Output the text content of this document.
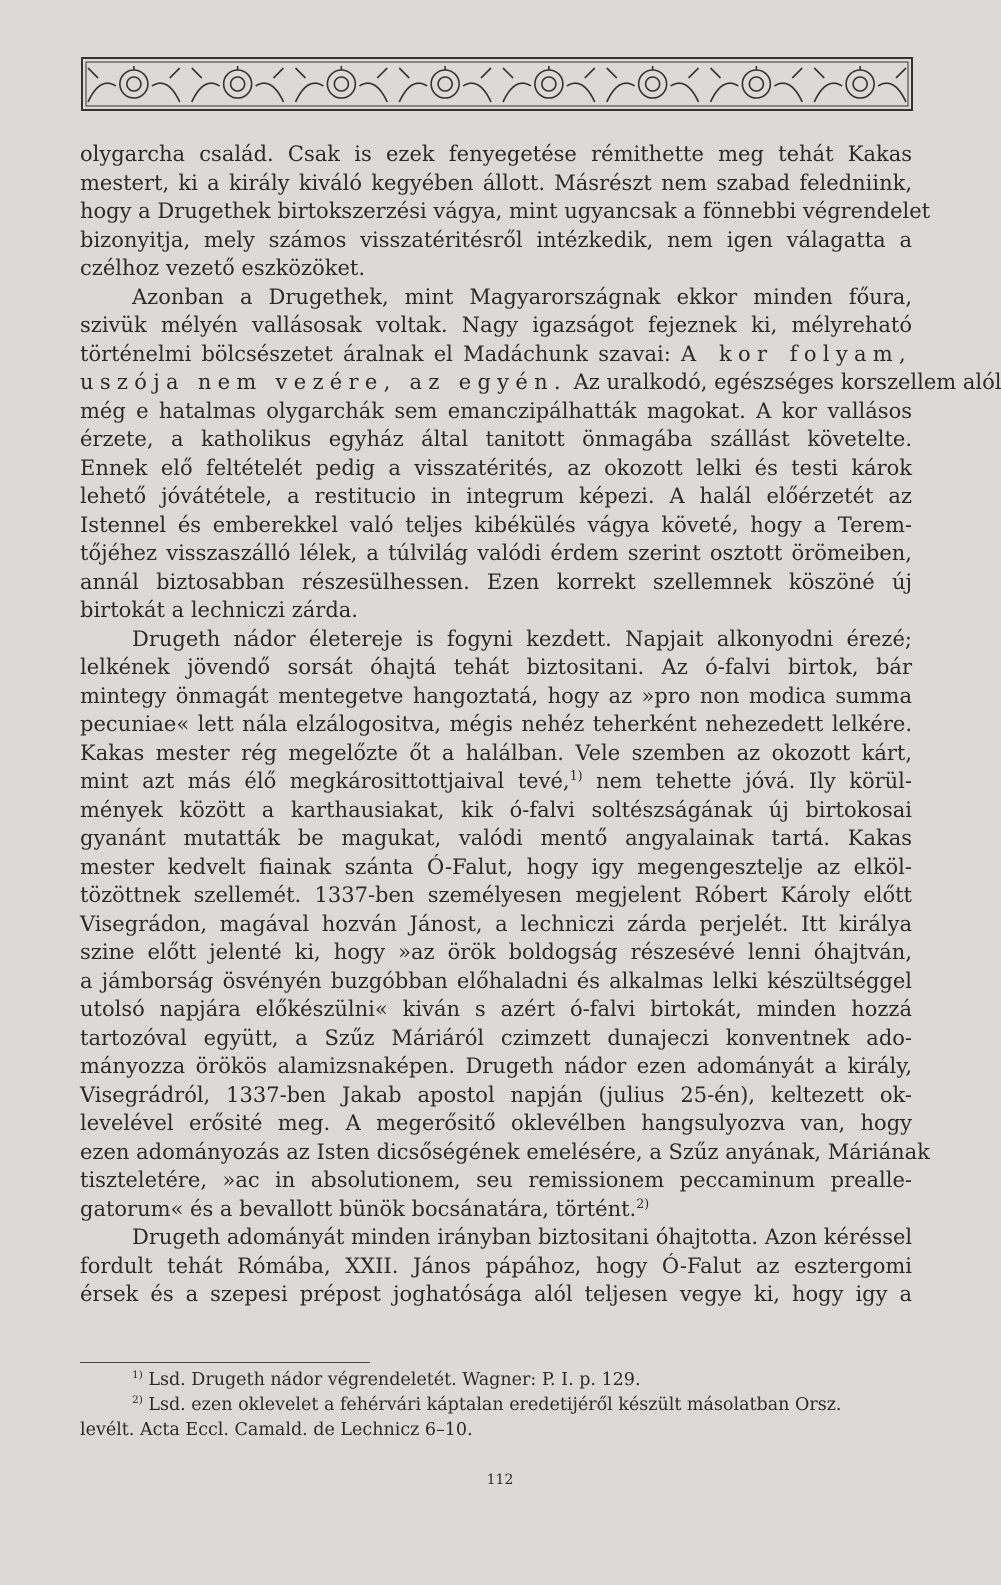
olygarcha család. Csak is ezek fenyegetése rémithette meg tehát Kakas
mestert, ki a király kiváló kegyében állott. Másrészt nem szabad feledniink,
hogy a Drugethek birtokszerzési vágya, mint ugyancsak a fönnebbi végrendelet
bizonyitja, mely számos visszatéritésről intézkedik, nem igen válagatta a
czélhoz vezető eszközöket.
Azonban a Drugethek, mint Magyarországnak ekkor minden főura,
szivük mélyén vallásosak voltak. Nagy igazságot fejeznek ki, mélyreható
történelmi bölcsészetet áralnak el Madáchunk szavai: A kor folyam,
uszója nem vezére, az egyén. Az uralkodó, egészséges korszellem alól
még e hatalmas olygarchák sem emanczipálhatták magokat. A kor vallásos
érzete, a katholikus egyház által tanitott önmagába szállást követelte.
Ennek elő feltételét pedig a visszatérités, az okozott lelki és testi károk
lehető jóvátétele, a restitucio in integrum képezi. A halál előérzetét az
Istennel és emberekkel való teljes kibékülés vágya követé, hogy a Terem-
tőjéhez visszaszálló lélek, a túlvilág valódi érdem szerint osztott örömeiben,
annál biztosabban részesülhessen. Ezen korrekt szellemnek köszöné új
birtokát a lechniczi zárda.
Drugeth nádor életereje is fogyni kezdett. Napjait alkonyodni érezé;
lelkének jövendő sorsát óhajtá tehát biztositani. Az ó-falvi birtok, bár
mintegy önmagát mentegetve hangoztatá, hogy az »pro non modica summa
pecuniae« lett nála elzálogositva, mégis nehéz teherként nehezedett lelkére.
Kakas mester rég megelőzte őt a halálban. Vele szemben az okozott kárt,
mint azt más élő megkárosittottjaival tevé,$^{1)}$ nem tehette jóvá. Ily körül-
mények között a karthausiakat, kik ó-falvi soltészságának új birtokosai
gyanánt mutatták be magukat, valódi mentő angyalainak tartá. Kakas
mester kedvelt fiainak szánta Ó-Falut, hogy igy megengesztelje az elköl-
tözöttnek szellemét. 1337-ben személyesen megjelent Róbert Károly előtt
Visegrádon, magával hozván Jánost, a lechniczi zárda perjelét. Itt királya
szine előtt jelenté ki, hogy »az örök boldogság részesévé lenni óhajtván,
a jámborság ösvényén buzgóbban előhaladni és alkalmas lelki készültséggel
utolsó napjára előkészülni« kiván s azért ó-falvi birtokát, minden hozzá
tartozóval együtt, a Szűz Máriáról czimzett dunajeczi konventnek ado-
mányozza örökös alamizsnaképen. Drugeth nádor ezen adományát a király,
Visegrádról, 1337-ben Jakab apostol napján (julius 25-én), keltezett ok-
levelével erősité meg. A megerősitő oklevélben hangsulyozva van, hogy
ezen adományozás az Isten dicsőségének emelésére, a Szűz anyának, Máriának
tiszteletére, »ac in absolutionem, seu remissionem peccaminum prealle-
gatorum« és a bevallott bünök bocsánatára, történt.$^{2)}$
Drugeth adományát minden irányban biztositani óhajtotta. Azon kéréssel
fordult tehát Rómába, XXII. János pápához, hogy Ó-Falut az esztergomi
érsek és a szepesi prépost joghatósága alól teljesen vegye ki, hogy igy a
$^{1)}$ Lsd. Drugeth nádor végrendeletét. Wagner: P. I. p. 129.
$^{2)}$ Lsd. ezen oklevelet a fehérvári káptalan eredetijéről készült másolatban Orsz.
levélt. Acta Eccl. Camald. de Lechnicz 6–10.
112
